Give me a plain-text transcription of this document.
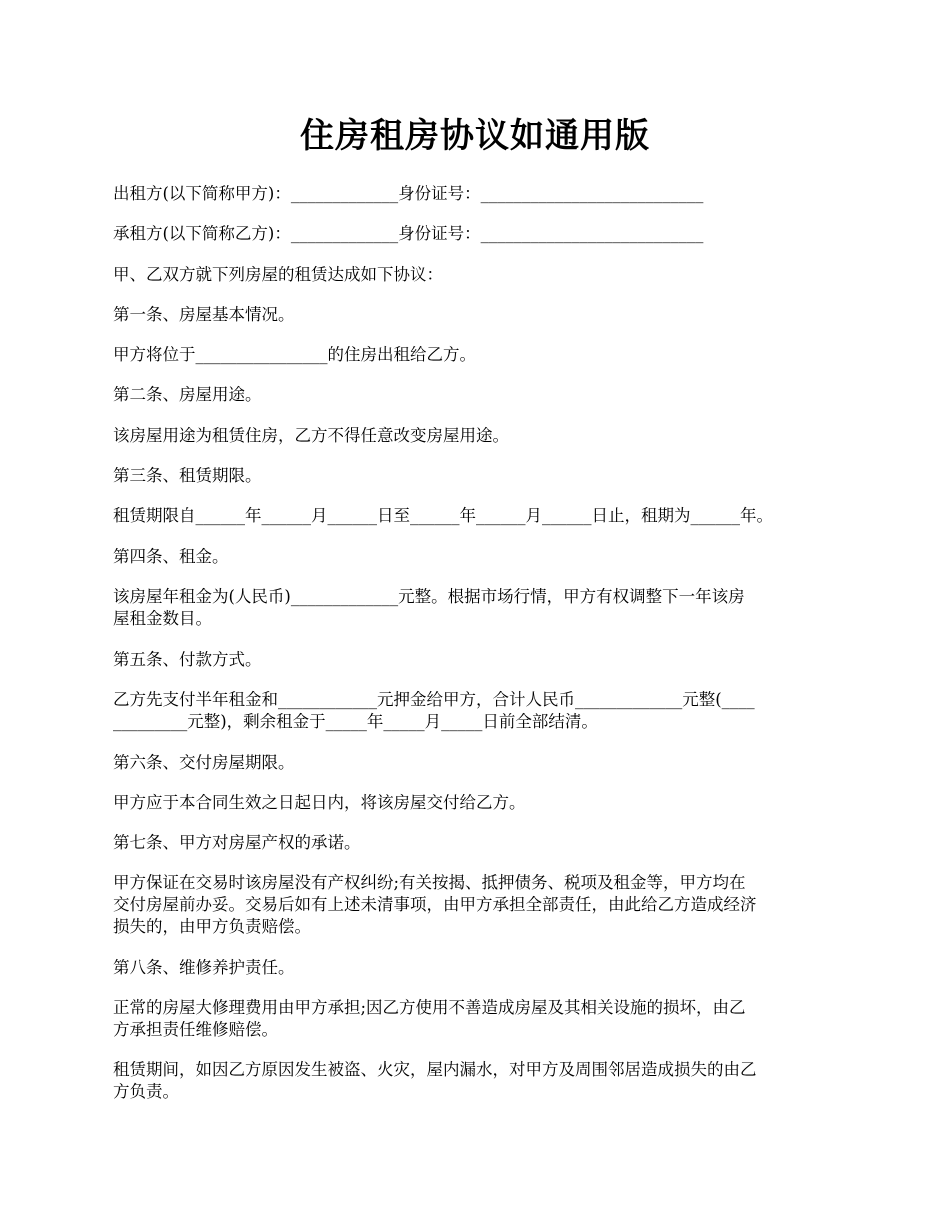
住房租房协议如通用版
出租方(以下简称甲方)：_____________身份证号：___________________________
承租方(以下简称乙方)：_____________身份证号：___________________________
甲、乙双方就下列房屋的租赁达成如下协议：
第一条、房屋基本情况。
甲方将位于________________的住房出租给乙方。
第二条、房屋用途。
该房屋用途为租赁住房，乙方不得任意改变房屋用途。
第三条、租赁期限。
租赁期限自______年______月______日至______年______月______日止，租期为______年。
第四条、租金。
该房屋年租金为(人民币)_____________元整。根据市场行情，甲方有权调整下一年该房
屋租金数目。
第五条、付款方式。
乙方先支付半年租金和____________元押金给甲方，合计人民币_____________元整(____
_________元整)，剩余租金于_____年_____月_____日前全部结清。
第六条、交付房屋期限。
甲方应于本合同生效之日起日内，将该房屋交付给乙方。
第七条、甲方对房屋产权的承诺。
甲方保证在交易时该房屋没有产权纠纷;有关按揭、抵押债务、税项及租金等，甲方均在
交付房屋前办妥。交易后如有上述未清事项，由甲方承担全部责任，由此给乙方造成经济
损失的，由甲方负责赔偿。
第八条、维修养护责任。
正常的房屋大修理费用由甲方承担;因乙方使用不善造成房屋及其相关设施的损坏，由乙
方承担责任维修赔偿。
租赁期间，如因乙方原因发生被盗、火灾，屋内漏水，对甲方及周围邻居造成损失的由乙
方负责。
